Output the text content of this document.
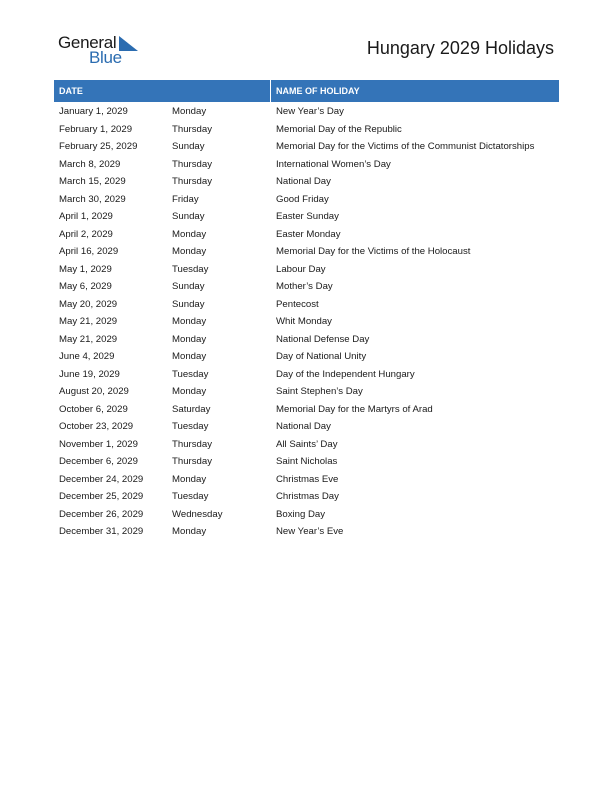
General
Blue	Hungary 2029 Holidays
DATE	NAME OF HOLIDAY
January 1, 2029	Monday	New Year’s Day
February 1, 2029	Thursday	Memorial Day of the Republic
February 25, 2029	Sunday	Memorial Day for the Victims of the Communist Dictatorships
March 8, 2029	Thursday	International Women’s Day
March 15, 2029	Thursday	National Day
March 30, 2029	Friday	Good Friday
April 1, 2029	Sunday	Easter Sunday
April 2, 2029	Monday	Easter Monday
April 16, 2029	Monday	Memorial Day for the Victims of the Holocaust
May 1, 2029	Tuesday	Labour Day
May 6, 2029	Sunday	Mother’s Day
May 20, 2029	Sunday	Pentecost
May 21, 2029	Monday	Whit Monday
May 21, 2029	Monday	National Defense Day
June 4, 2029	Monday	Day of National Unity
June 19, 2029	Tuesday	Day of the Independent Hungary
August 20, 2029	Monday	Saint Stephen’s Day
October 6, 2029	Saturday	Memorial Day for the Martyrs of Arad
October 23, 2029	Tuesday	National Day
November 1, 2029	Thursday	All Saints’ Day
December 6, 2029	Thursday	Saint Nicholas
December 24, 2029	Monday	Christmas Eve
December 25, 2029	Tuesday	Christmas Day
December 26, 2029	Wednesday	Boxing Day
December 31, 2029	Monday	New Year’s Eve
